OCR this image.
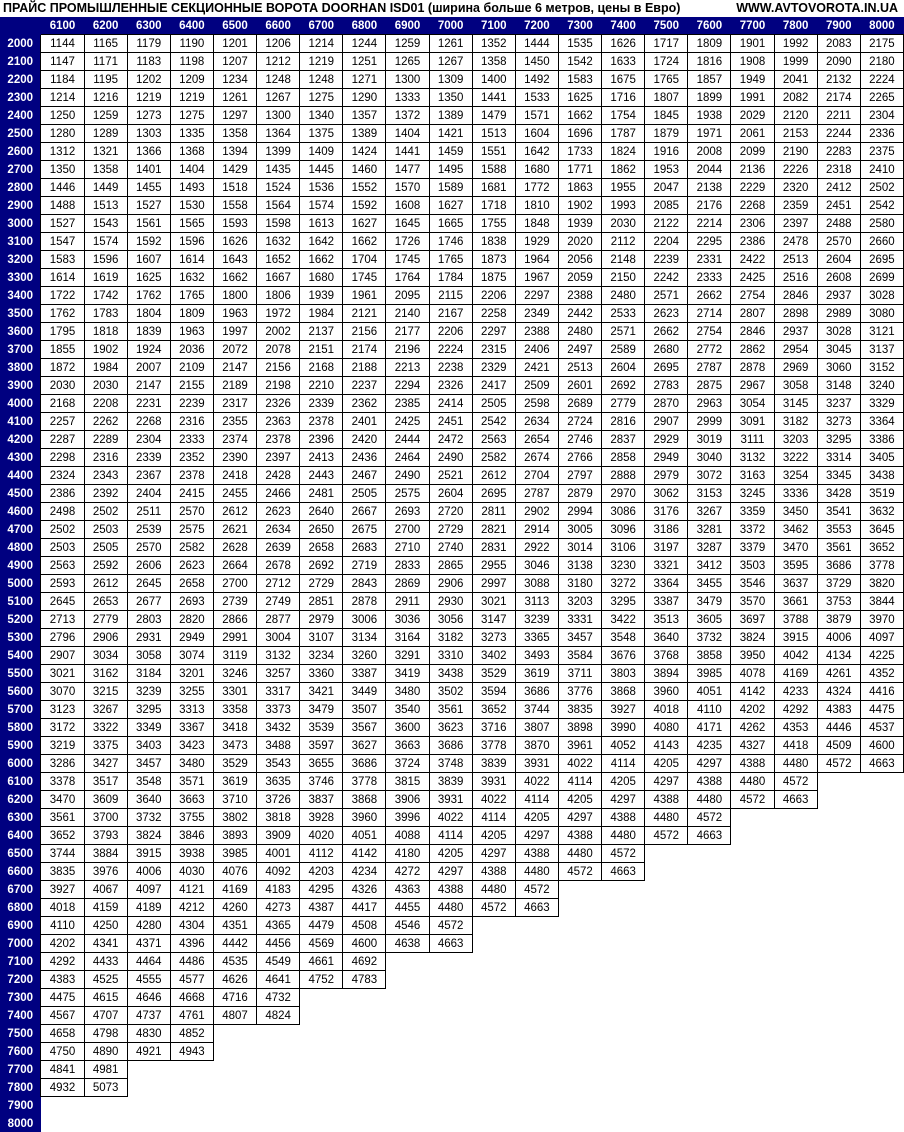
ПРАЙС ПРОМЫШЛЕННЫЕ СЕКЦИОННЫЕ ВОРОТА DOORHAN ISD01 (ширина больше 6 метров, цены в Евро)	WWW.AVTOVOROTA.IN.UA
	6100	6200	6300	6400	6500	6600	6700	6800	6900	7000	7100	7200	7300	7400	7500	7600	7700	7800	7900	8000
2000	1144	1165	1179	1190	1201	1206	1214	1244	1259	1261	1352	1444	1535	1626	1717	1809	1901	1992	2083	2175
2100	1147	1171	1183	1198	1207	1212	1219	1251	1265	1267	1358	1450	1542	1633	1724	1816	1908	1999	2090	2180
2200	1184	1195	1202	1209	1234	1248	1248	1271	1300	1309	1400	1492	1583	1675	1765	1857	1949	2041	2132	2224
2300	1214	1216	1219	1219	1261	1267	1275	1290	1333	1350	1441	1533	1625	1716	1807	1899	1991	2082	2174	2265
2400	1250	1259	1273	1275	1297	1300	1340	1357	1372	1389	1479	1571	1662	1754	1845	1938	2029	2120	2211	2304
2500	1280	1289	1303	1335	1358	1364	1375	1389	1404	1421	1513	1604	1696	1787	1879	1971	2061	2153	2244	2336
2600	1312	1321	1366	1368	1394	1399	1409	1424	1441	1459	1551	1642	1733	1824	1916	2008	2099	2190	2283	2375
2700	1350	1358	1401	1404	1429	1435	1445	1460	1477	1495	1588	1680	1771	1862	1953	2044	2136	2226	2318	2410
2800	1446	1449	1455	1493	1518	1524	1536	1552	1570	1589	1681	1772	1863	1955	2047	2138	2229	2320	2412	2502
2900	1488	1513	1527	1530	1558	1564	1574	1592	1608	1627	1718	1810	1902	1993	2085	2176	2268	2359	2451	2542
3000	1527	1543	1561	1565	1593	1598	1613	1627	1645	1665	1755	1848	1939	2030	2122	2214	2306	2397	2488	2580
3100	1547	1574	1592	1596	1626	1632	1642	1662	1726	1746	1838	1929	2020	2112	2204	2295	2386	2478	2570	2660
3200	1583	1596	1607	1614	1643	1652	1662	1704	1745	1765	1873	1964	2056	2148	2239	2331	2422	2513	2604	2695
3300	1614	1619	1625	1632	1662	1667	1680	1745	1764	1784	1875	1967	2059	2150	2242	2333	2425	2516	2608	2699
3400	1722	1742	1762	1765	1800	1806	1939	1961	2095	2115	2206	2297	2388	2480	2571	2662	2754	2846	2937	3028
3500	1762	1783	1804	1809	1963	1972	1984	2121	2140	2167	2258	2349	2442	2533	2623	2714	2807	2898	2989	3080
3600	1795	1818	1839	1963	1997	2002	2137	2156	2177	2206	2297	2388	2480	2571	2662	2754	2846	2937	3028	3121
3700	1855	1902	1924	2036	2072	2078	2151	2174	2196	2224	2315	2406	2497	2589	2680	2772	2862	2954	3045	3137
3800	1872	1984	2007	2109	2147	2156	2168	2188	2213	2238	2329	2421	2513	2604	2695	2787	2878	2969	3060	3152
3900	2030	2030	2147	2155	2189	2198	2210	2237	2294	2326	2417	2509	2601	2692	2783	2875	2967	3058	3148	3240
4000	2168	2208	2231	2239	2317	2326	2339	2362	2385	2414	2505	2598	2689	2779	2870	2963	3054	3145	3237	3329
4100	2257	2262	2268	2316	2355	2363	2378	2401	2425	2451	2542	2634	2724	2816	2907	2999	3091	3182	3273	3364
4200	2287	2289	2304	2333	2374	2378	2396	2420	2444	2472	2563	2654	2746	2837	2929	3019	3111	3203	3295	3386
4300	2298	2316	2339	2352	2390	2397	2413	2436	2464	2490	2582	2674	2766	2858	2949	3040	3132	3222	3314	3405
4400	2324	2343	2367	2378	2418	2428	2443	2467	2490	2521	2612	2704	2797	2888	2979	3072	3163	3254	3345	3438
4500	2386	2392	2404	2415	2455	2466	2481	2505	2575	2604	2695	2787	2879	2970	3062	3153	3245	3336	3428	3519
4600	2498	2502	2511	2570	2612	2623	2640	2667	2693	2720	2811	2902	2994	3086	3176	3267	3359	3450	3541	3632
4700	2502	2503	2539	2575	2621	2634	2650	2675	2700	2729	2821	2914	3005	3096	3186	3281	3372	3462	3553	3645
4800	2503	2505	2570	2582	2628	2639	2658	2683	2710	2740	2831	2922	3014	3106	3197	3287	3379	3470	3561	3652
4900	2563	2592	2606	2623	2664	2678	2692	2719	2833	2865	2955	3046	3138	3230	3321	3412	3503	3595	3686	3778
5000	2593	2612	2645	2658	2700	2712	2729	2843	2869	2906	2997	3088	3180	3272	3364	3455	3546	3637	3729	3820
5100	2645	2653	2677	2693	2739	2749	2851	2878	2911	2930	3021	3113	3203	3295	3387	3479	3570	3661	3753	3844
5200	2713	2779	2803	2820	2866	2877	2979	3006	3036	3056	3147	3239	3331	3422	3513	3605	3697	3788	3879	3970
5300	2796	2906	2931	2949	2991	3004	3107	3134	3164	3182	3273	3365	3457	3548	3640	3732	3824	3915	4006	4097
5400	2907	3034	3058	3074	3119	3132	3234	3260	3291	3310	3402	3493	3584	3676	3768	3858	3950	4042	4134	4225
5500	3021	3162	3184	3201	3246	3257	3360	3387	3419	3438	3529	3619	3711	3803	3894	3985	4078	4169	4261	4352
5600	3070	3215	3239	3255	3301	3317	3421	3449	3480	3502	3594	3686	3776	3868	3960	4051	4142	4233	4324	4416
5700	3123	3267	3295	3313	3358	3373	3479	3507	3540	3561	3652	3744	3835	3927	4018	4110	4202	4292	4383	4475
5800	3172	3322	3349	3367	3418	3432	3539	3567	3600	3623	3716	3807	3898	3990	4080	4171	4262	4353	4446	4537
5900	3219	3375	3403	3423	3473	3488	3597	3627	3663	3686	3778	3870	3961	4052	4143	4235	4327	4418	4509	4600
6000	3286	3427	3457	3480	3529	3543	3655	3686	3724	3748	3839	3931	4022	4114	4205	4297	4388	4480	4572	4663
6100	3378	3517	3548	3571	3619	3635	3746	3778	3815	3839	3931	4022	4114	4205	4297	4388	4480	4572		
6200	3470	3609	3640	3663	3710	3726	3837	3868	3906	3931	4022	4114	4205	4297	4388	4480	4572	4663		
6300	3561	3700	3732	3755	3802	3818	3928	3960	3996	4022	4114	4205	4297	4388	4480	4572				
6400	3652	3793	3824	3846	3893	3909	4020	4051	4088	4114	4205	4297	4388	4480	4572	4663				
6500	3744	3884	3915	3938	3985	4001	4112	4142	4180	4205	4297	4388	4480	4572						
6600	3835	3976	4006	4030	4076	4092	4203	4234	4272	4297	4388	4480	4572	4663						
6700	3927	4067	4097	4121	4169	4183	4295	4326	4363	4388	4480	4572								
6800	4018	4159	4189	4212	4260	4273	4387	4417	4455	4480	4572	4663								
6900	4110	4250	4280	4304	4351	4365	4479	4508	4546	4572										
7000	4202	4341	4371	4396	4442	4456	4569	4600	4638	4663										
7100	4292	4433	4464	4486	4535	4549	4661	4692												
7200	4383	4525	4555	4577	4626	4641	4752	4783												
7300	4475	4615	4646	4668	4716	4732														
7400	4567	4707	4737	4761	4807	4824														
7500	4658	4798	4830	4852																
7600	4750	4890	4921	4943																
7700	4841	4981																		
7800	4932	5073																		
7900																				
8000																				
